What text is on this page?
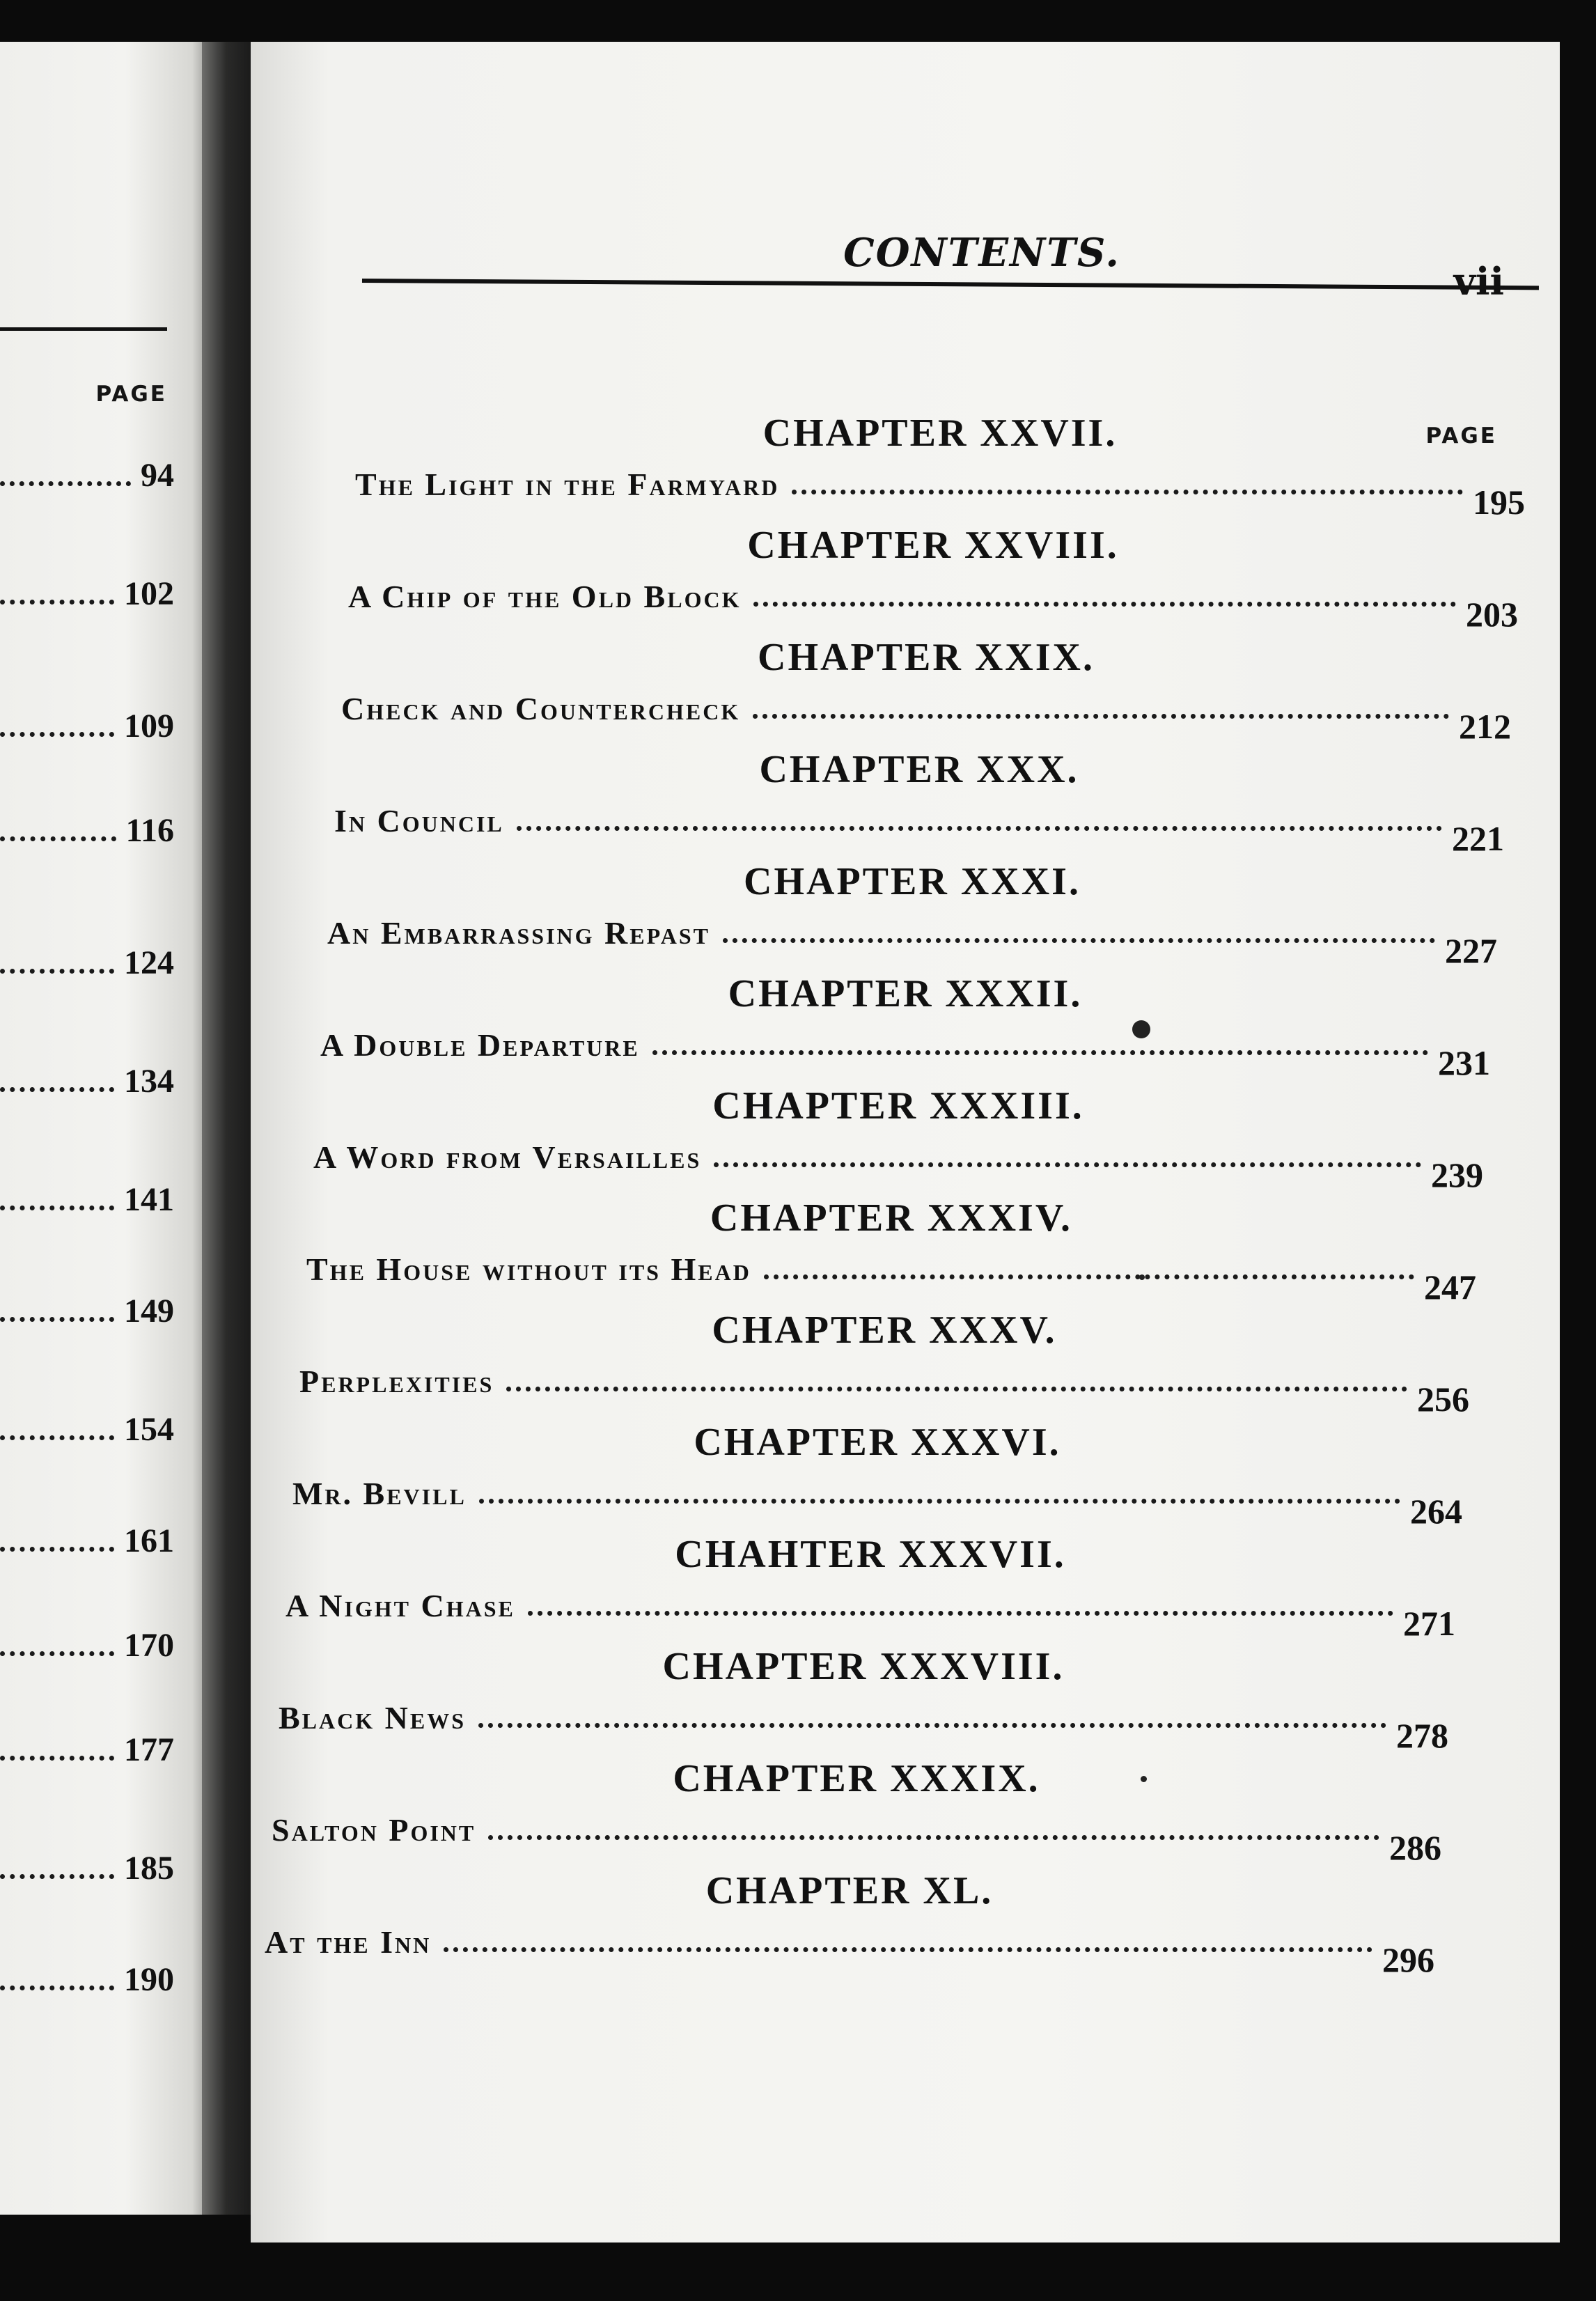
PAGE
94
102
109
116
124
134
141
149
154
161
170
177
185
190
CONTENTS.
vii
PAGE
CHAPTER XXVII.
The Light in the Farmyard	195
CHAPTER XXVIII.
A Chip of the Old Block	203
CHAPTER XXIX.
Check and Countercheck	212
CHAPTER XXX.
In Council	221
CHAPTER XXXI.
An Embarrassing Repast	227
CHAPTER XXXII.
A Double Departure	231
CHAPTER XXXIII.
A Word from Versailles	239
CHAPTER XXXIV.
The House without its Head	247
CHAPTER XXXV.
Perplexities	256
CHAPTER XXXVI.
Mr. Bevill	264
CHAHTER XXXVII.
A Night Chase	271
CHAPTER XXXVIII.
Black News	278
CHAPTER XXXIX.
Salton Point	286
CHAPTER XL.
At the Inn	296
